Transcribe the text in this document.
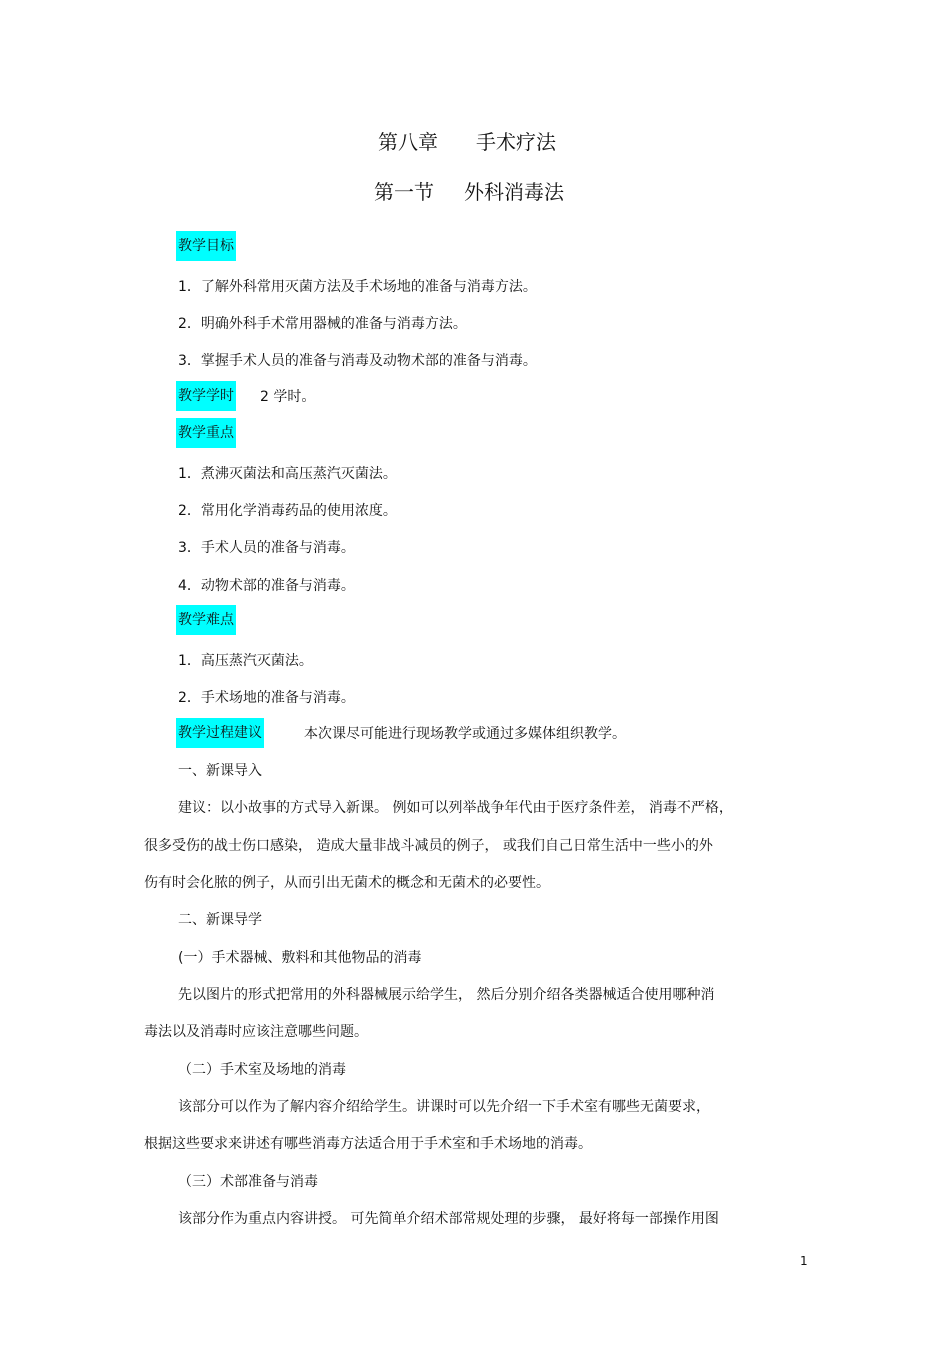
第八章 手术疗法
第一节 外科消毒法
教学目标
1．了解外科常用灭菌方法及手术场地的准备与消毒方法。
2．明确外科手术常用器械的准备与消毒方法。
3．掌握手术人员的准备与消毒及动物术部的准备与消毒。
教学学时 2 学时。
教学重点
1．煮沸灭菌法和高压蒸汽灭菌法。
2．常用化学消毒药品的使用浓度。
3．手术人员的准备与消毒。
4．动物术部的准备与消毒。
教学难点
1．高压蒸汽灭菌法。
2．手术场地的准备与消毒。
教学过程建议	本次课尽可能进行现场教学或通过多媒体组织教学。
一、新课导入
建议：以小故事的方式导入新课。 例如可以列举战争年代由于医疗条件差， 消毒不严格，
很多受伤的战士伤口感染， 造成大量非战斗减员的例子， 或我们自己日常生活中一些小的外
伤有时会化脓的例子，从而引出无菌术的概念和无菌术的必要性。
二、新课导学
(一）手术器械、敷料和其他物品的消毒
先以图片的形式把常用的外科器械展示给学生， 然后分别介绍各类器械适合使用哪种消
毒法以及消毒时应该注意哪些问题。
（二）手术室及场地的消毒
该部分可以作为了解内容介绍给学生。讲课时可以先介绍一下手术室有哪些无菌要求，
根据这些要求来讲述有哪些消毒方法适合用于手术室和手术场地的消毒。
（三）术部准备与消毒
该部分作为重点内容讲授。 可先简单介绍术部常规处理的步骤， 最好将每一部操作用图
1
